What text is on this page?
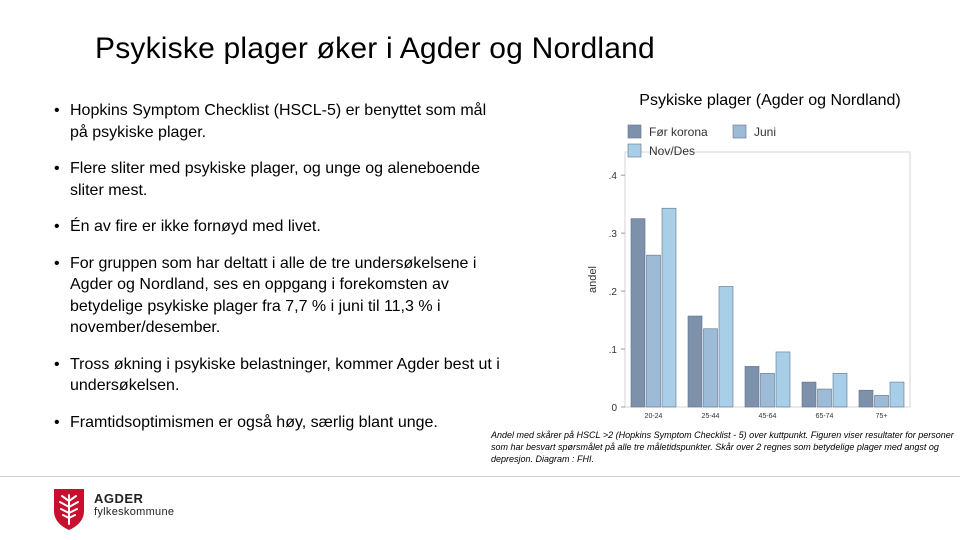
Psykiske plager øker i Agder og Nordland
• Hopkins Symptom Checklist (HSCL-5) er benyttet som mål på psykiske plager.
• Flere sliter med psykiske plager, og unge og aleneboende sliter mest.
• Én av fire er ikke fornøyd med livet.
• For gruppen som har deltatt i alle de tre undersøkelsene i Agder og Nordland, ses en oppgang i forekomsten av betydelige psykiske plager fra 7,7 % i juni til 11,3 % i november/desember.
• Tross økning i psykiske belastninger, kommer Agder best ut i undersøkelsen.
• Framtidsoptimismen er også høy, særlig blant unge.
Psykiske plager (Agder og Nordland)
0
.1
.2
.3
.4
andel
20-24	25-44	45-64	65-74	75+
Før korona	Juni
Nov/Des
Andel med skårer på HSCL >2 (Hopkins Symptom Checklist - 5) over kuttpunkt. Figuren viser resultater for personer som har besvart spørsmålet på alle tre måletidspunkter. Skår over 2 regnes som betydelige plager med angst og depresjon. Diagram : FHI.
AGDER
fylkeskommune
